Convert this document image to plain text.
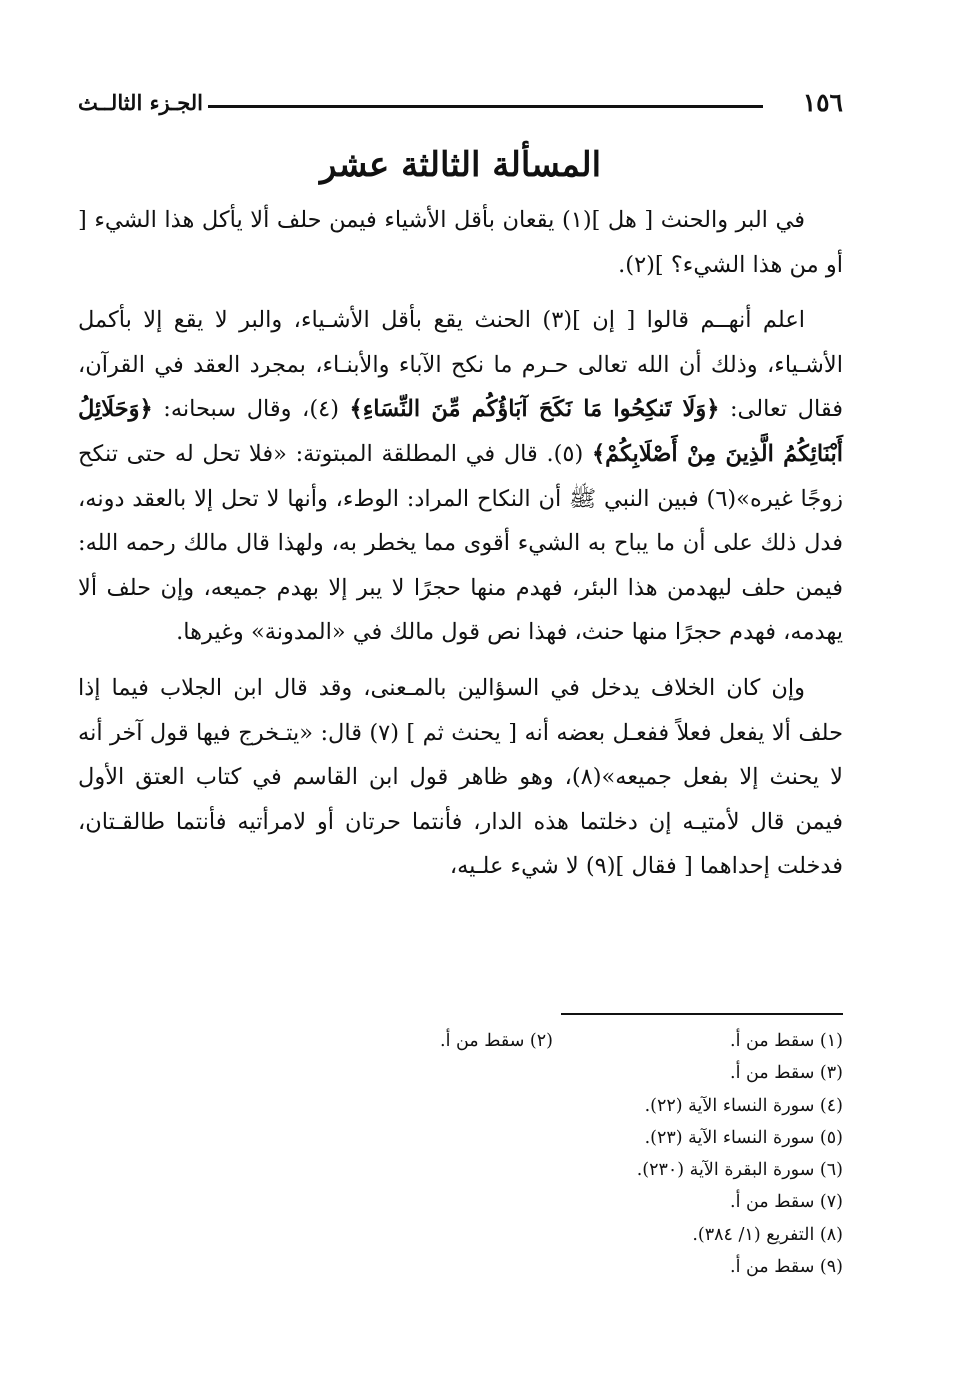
١٥٦
الجـزء الثالــث
المسألة الثالثة عشر

في البر والحنث [ هل ](١) يقعان بأقل الأشياء فيمن حلف ألا يأكل هذا الشيء [ أو من هذا الشيء؟ ](٢).

اعلم أنهــم قالوا [ إن ](٣) الحنث يقع بأقل الأشـياء، والبر لا يقع إلا بأكمل الأشـياء، وذلك أن الله تعالى حـرم ما نكح الآباء والأبنـاء، بمجرد العقد في القرآن، فقال تعالى: ﴿وَلَا تَنكِحُوا مَا نَكَحَ آبَاؤُكُم مِّنَ النِّسَاءِ﴾ (٤)، وقال سبحانه: ﴿وَحَلَائِلُ أَبْنَائِكُمُ الَّذِينَ مِنْ أَصْلَابِكُمْ﴾ (٥). قال في المطلقة المبتوتة: «فلا تحل له حتى تنكح زوجًا غيره»(٦) فبين النبي ﷺ أن النكاح المراد: الوطء، وأنها لا تحل إلا بالعقد دونه، فدل ذلك على أن ما يباح به الشيء أقوى مما يخطر به، ولهذا قال مالك رحمه الله: فيمن حلف ليهدمن هذا البئر، فهدم منها حجرًا لا يبر إلا بهدم جميعه، وإن حلف ألا يهدمه، فهدم حجرًا منها حنث، فهذا نص قول مالك في «المدونة» وغيرها.

وإن كان الخلاف يدخل في السؤالين بالمـعنى، وقد قال ابن الجلاب فيما إذا حلف ألا يفعل فعلاً ففعـل بعضه أنه [ يحنث ثم ] (٧) قال: «يتـخرج فيها قول آخر أنه لا يحنث إلا بفعل جميعه»(٨)، وهو ظاهر قول ابن القاسم في كتاب العتق الأول فيمن قال لأمتيـه إن دخلتما هذه الدار، فأنتما حرتان أو لامرأتيه فأنتما طالقـتان، فدخلت إحداهما [ فقال ](٩) لا شيء علـيه،

(١) سقط من أ.(٢) سقط من أ.
(٣) سقط من أ.
(٤) سورة النساء الآية (٢٢).
(٥) سورة النساء الآية (٢٣).
(٦) سورة البقرة الآية (٢٣٠).
(٧) سقط من أ.
(٨) التفريع (١/ ٣٨٤).
(٩) سقط من أ.
